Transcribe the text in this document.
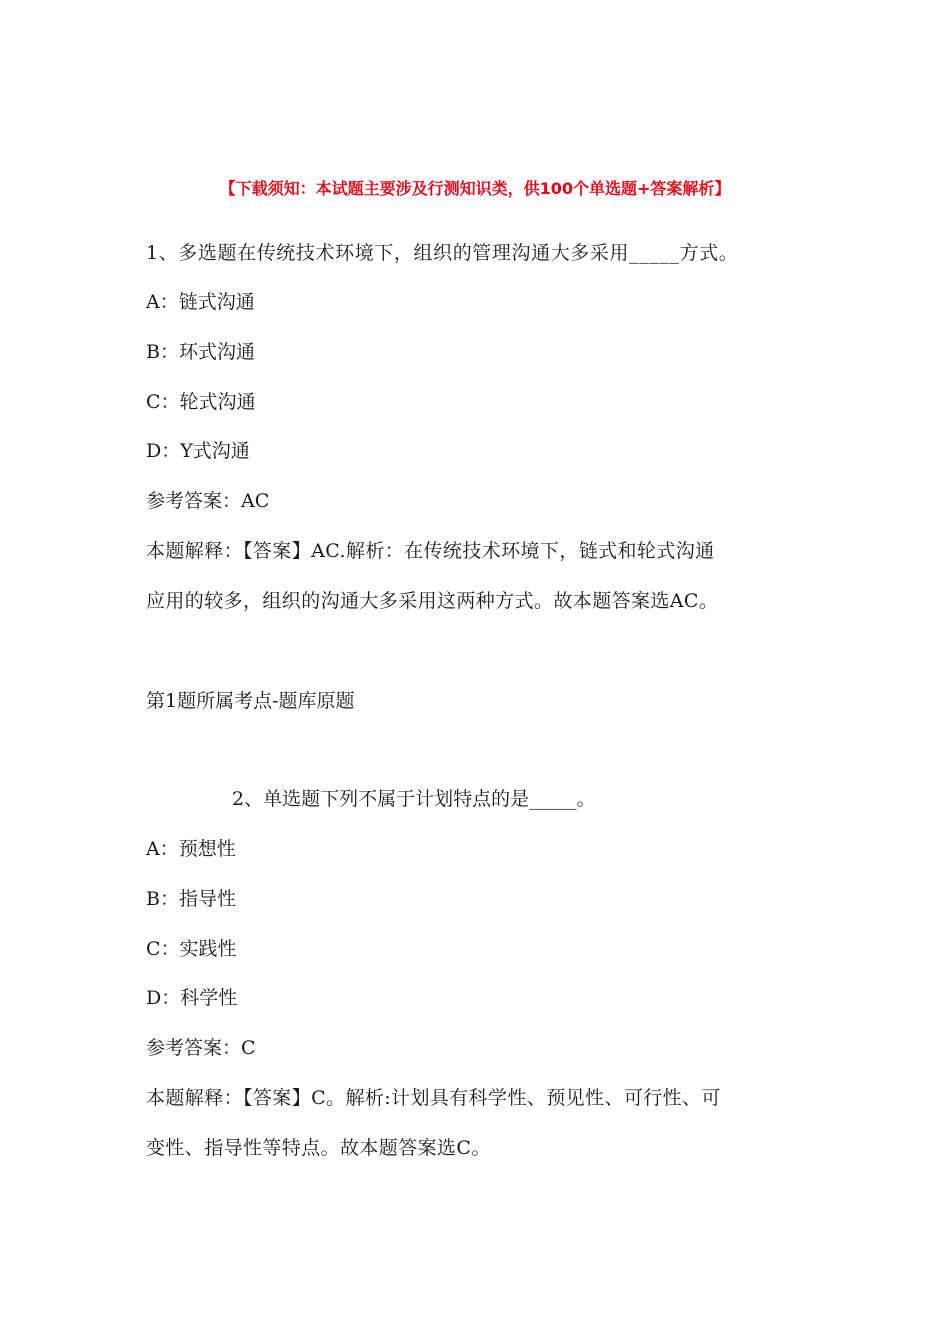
【下载须知：本试题主要涉及行测知识类，供100个单选题+答案解析】
1、多选题在传统技术环境下，组织的管理沟通大多采用_____方式。
A：链式沟通
B：环式沟通
C：轮式沟通
D：Y式沟通
参考答案：AC
本题解释：【答案】AC.解析：在传统技术环境下，链式和轮式沟通
应用的较多，组织的沟通大多采用这两种方式。故本题答案选AC。
第1题所属考点-题库原题
2、单选题下列不属于计划特点的是_____。
A：预想性
B：指导性
C：实践性
D：科学性
参考答案：C
本题解释：【答案】C。解析:计划具有科学性、预见性、可行性、可
变性、指导性等特点。故本题答案选C。
